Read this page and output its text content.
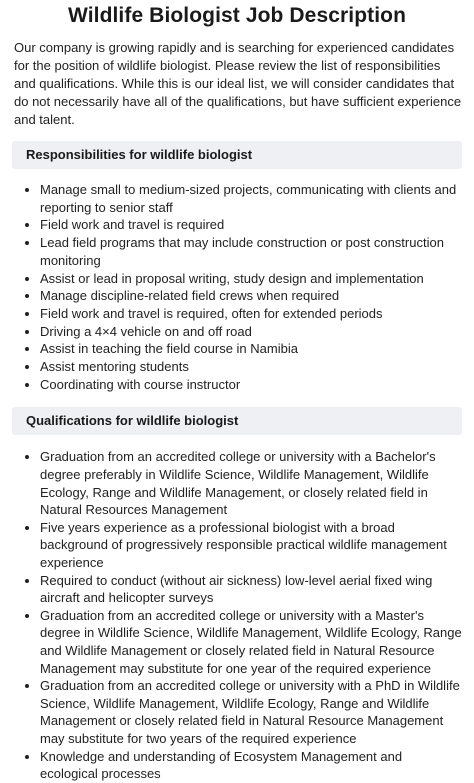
Wildlife Biologist Job Description

Our company is growing rapidly and is searching for experienced candidates for the position of wildlife biologist. Please review the list of responsibilities and qualifications. While this is our ideal list, we will consider candidates that do not necessarily have all of the qualifications, but have sufficient experience and talent.

Responsibilities for wildlife biologist
• Manage small to medium-sized projects, communicating with clients and reporting to senior staff
• Field work and travel is required
• Lead field programs that may include construction or post construction monitoring
• Assist or lead in proposal writing, study design and implementation
• Manage discipline-related field crews when required
• Field work and travel is required, often for extended periods
• Driving a 4×4 vehicle on and off road
• Assist in teaching the field course in Namibia
• Assist mentoring students
• Coordinating with course instructor
Qualifications for wildlife biologist
• Graduation from an accredited college or university with a Bachelor's degree preferably in Wildlife Science, Wildlife Management, Wildlife Ecology, Range and Wildlife Management, or closely related field in Natural Resources Management
• Five years experience as a professional biologist with a broad background of progressively responsible practical wildlife management experience
• Required to conduct (without air sickness) low-level aerial fixed wing aircraft and helicopter surveys
• Graduation from an accredited college or university with a Master's degree in Wildlife Science, Wildlife Management, Wildlife Ecology, Range and Wildlife Management or closely related field in Natural Resource Management may substitute for one year of the required experience
• Graduation from an accredited college or university with a PhD in Wildlife Science, Wildlife Management, Wildlife Ecology, Range and Wildlife Management or closely related field in Natural Resource Management may substitute for two years of the required experience
• Knowledge and understanding of Ecosystem Management and ecological processes
